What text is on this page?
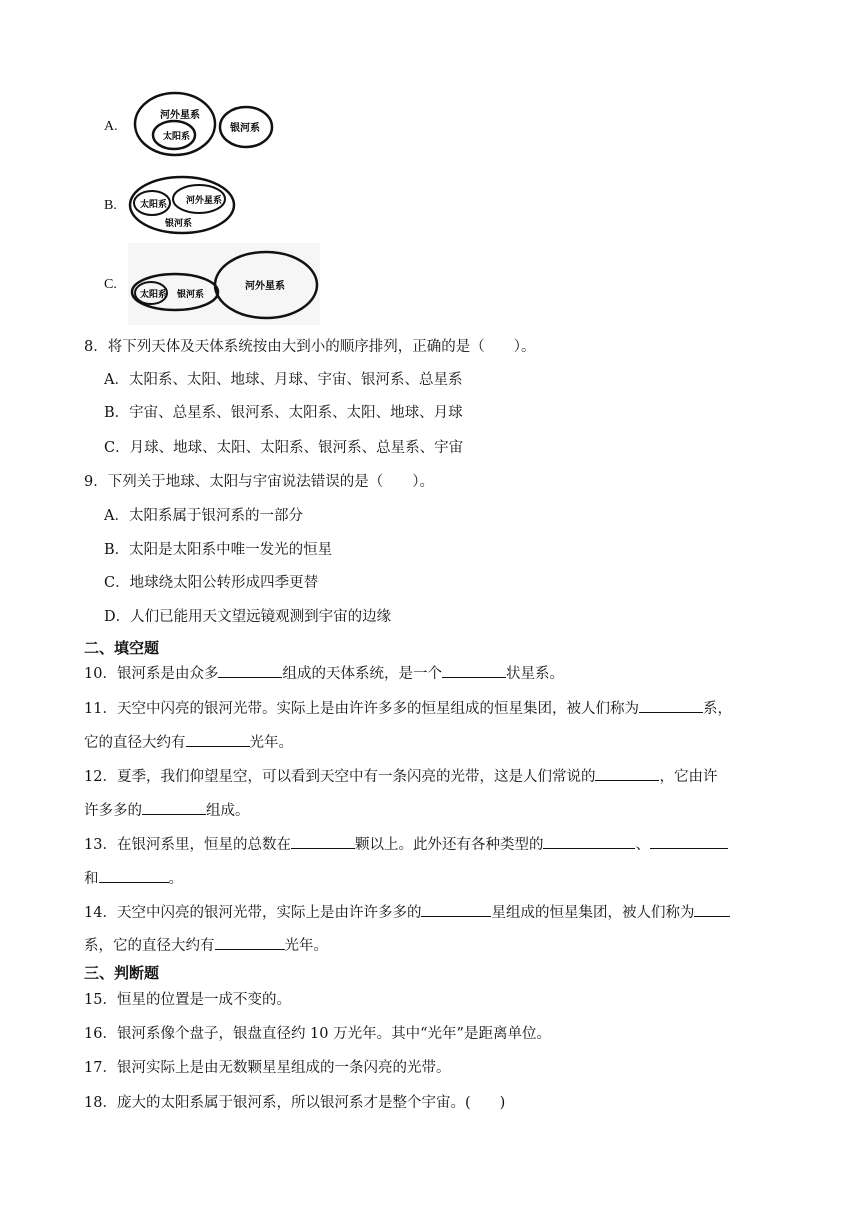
A.
河外星系
太阳系
银河系
B.	太阳系 河外星系
银河系
C.
太阳系 银河系
河外星系
8．将下列天体及天体系统按由大到小的顺序排列，正确的是（　　）。
A．太阳系、太阳、地球、月球、宇宙、银河系、总星系
B．宇宙、总星系、银河系、太阳系、太阳、地球、月球
C．月球、地球、太阳、太阳系、银河系、总星系、宇宙
9．下列关于地球、太阳与宇宙说法错误的是（　　）。
A．太阳系属于银河系的一部分
B．太阳是太阳系中唯一发光的恒星
C．地球绕太阳公转形成四季更替
D．人们已能用天文望远镜观测到宇宙的边缘
二、填空题
10．银河系是由众多	组成的天体系统，是一个	状星系。
11．天空中闪亮的银河光带。实际上是由许许多多的恒星组成的恒星集团，被人们称为	系，
它的直径大约有	光年。
12．夏季，我们仰望星空，可以看到天空中有一条闪亮的光带，这是人们常说的	，它由许
许多多的	组成。
13．在银河系里，恒星的总数在	颗以上。此外还有各种类型的	、
和	。
14．天空中闪亮的银河光带，实际上是由许许多多的	星组成的恒星集团，被人们称为
系，它的直径大约有	光年。
三、判断题
15．恒星的位置是一成不变的。
16．银河系像个盘子，银盘直径约 10 万光年。其中“光年”是距离单位。
17．银河实际上是由无数颗星星组成的一条闪亮的光带。
18．庞大的太阳系属于银河系，所以银河系才是整个宇宙。(　　)
